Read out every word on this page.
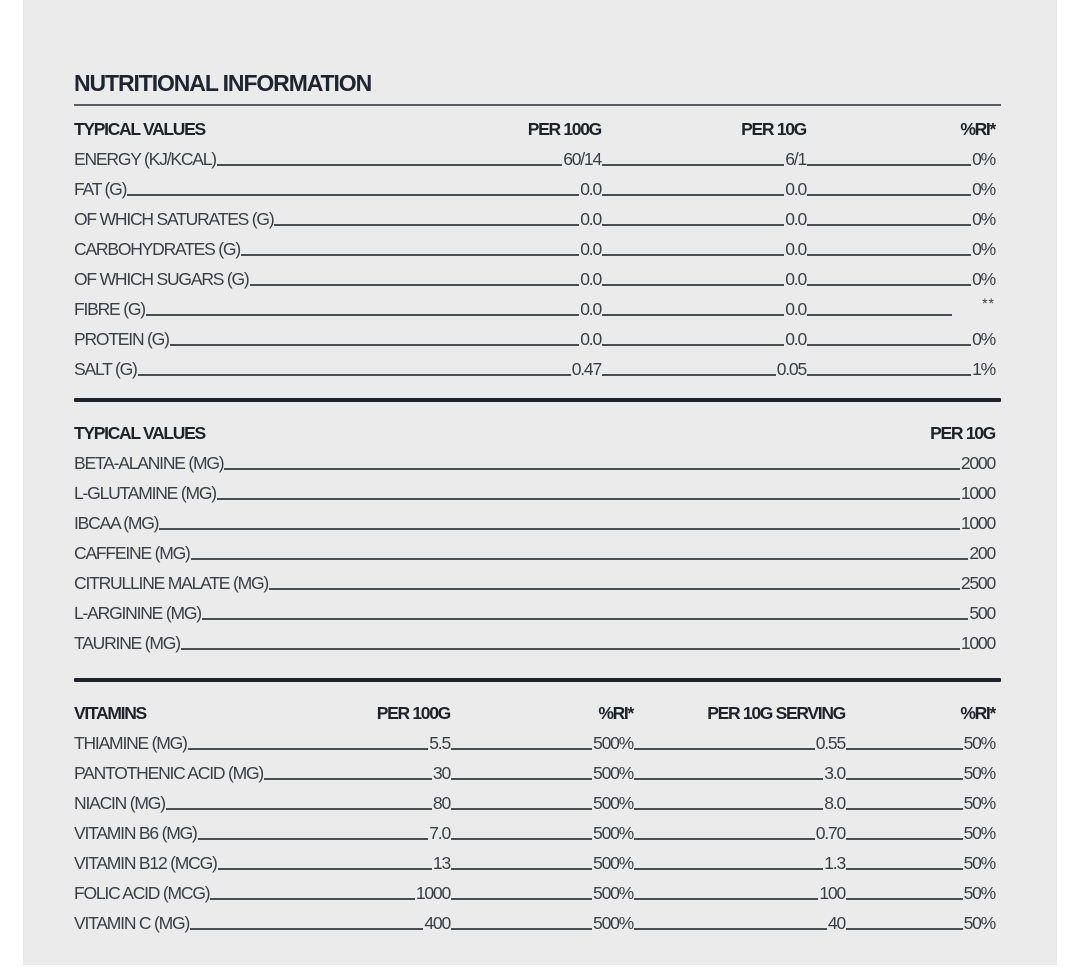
NUTRITIONAL INFORMATION
TYPICAL VALUES	PER 100G	PER 10G	%RI*
ENERGY (KJ/KCAL)	60/14	6/1	0%
FAT (G)	0.0	0.0	0%
OF WHICH SATURATES (G)	0.0	0.0	0%
CARBOHYDRATES (G)	0.0	0.0	0%
OF WHICH SUGARS (G)	0.0	0.0	0%
FIBRE (G)	0.0	0.0	**
PROTEIN (G)	0.0	0.0	0%
SALT (G)	0.47	0.05	1%
TYPICAL VALUES	PER 10G
BETA-ALANINE (MG)	2000
L-GLUTAMINE (MG)	1000
IBCAA (MG)	1000
CAFFEINE (MG)	200
CITRULLINE MALATE (MG)	2500
L-ARGININE (MG)	500
TAURINE (MG)	1000
VITAMINS	PER 100G	%RI*	PER 10G SERVING	%RI*
THIAMINE (MG)	5.5	500%	0.55	50%
PANTOTHENIC ACID (MG)	30	500%	3.0	50%
NIACIN (MG)	80	500%	8.0	50%
VITAMIN B6 (MG)	7.0	500%	0.70	50%
VITAMIN B12 (MCG)	13	500%	1.3	50%
FOLIC ACID (MCG)	1000	500%	100	50%
VITAMIN C (MG)	400	500%	40	50%
